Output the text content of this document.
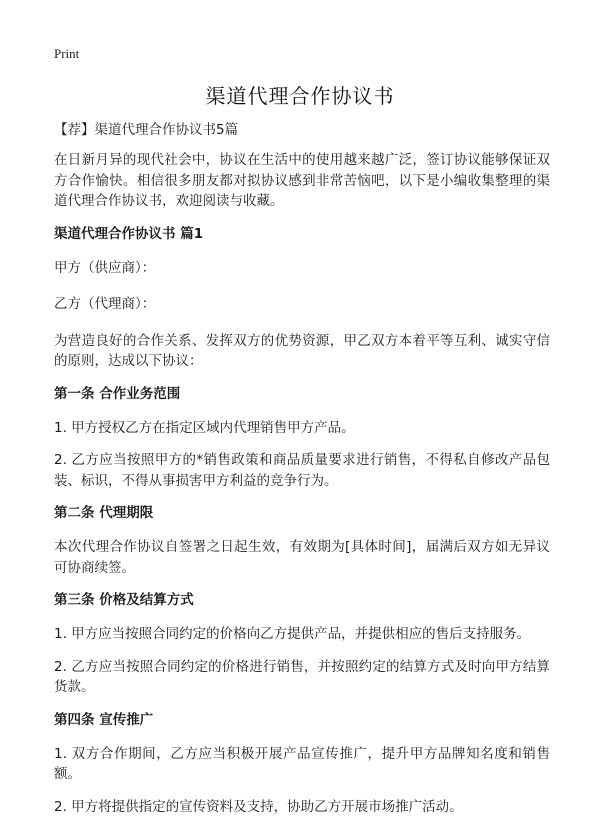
Print
渠道代理合作协议书
【荐】渠道代理合作协议书5篇

在日新月异的现代社会中，协议在生活中的使用越来越广泛，签订协议能够保证双方合作愉快。相信很多朋友都对拟协议感到非常苦恼吧，以下是小编收集整理的渠道代理合作协议书，欢迎阅读与收藏。

渠道代理合作协议书 篇1

甲方（供应商）：

乙方（代理商）：

为营造良好的合作关系、发挥双方的优势资源，甲乙双方本着平等互利、诚实守信的原则，达成以下协议：

第一条 合作业务范围

1. 甲方授权乙方在指定区域内代理销售甲方产品。

2. 乙方应当按照甲方的*销售政策和商品质量要求进行销售，不得私自修改产品包装、标识，不得从事损害甲方利益的竞争行为。

第二条 代理期限

本次代理合作协议自签署之日起生效，有效期为[具体时间]，届满后双方如无异议可协商续签。

第三条 价格及结算方式

1. 甲方应当按照合同约定的价格向乙方提供产品，并提供相应的售后支持服务。

2. 乙方应当按照合同约定的价格进行销售，并按照约定的结算方式及时向甲方结算货款。

第四条 宣传推广

1. 双方合作期间，乙方应当积极开展产品宣传推广，提升甲方品牌知名度和销售额。

2. 甲方将提供指定的宣传资料及支持，协助乙方开展市场推广活动。
